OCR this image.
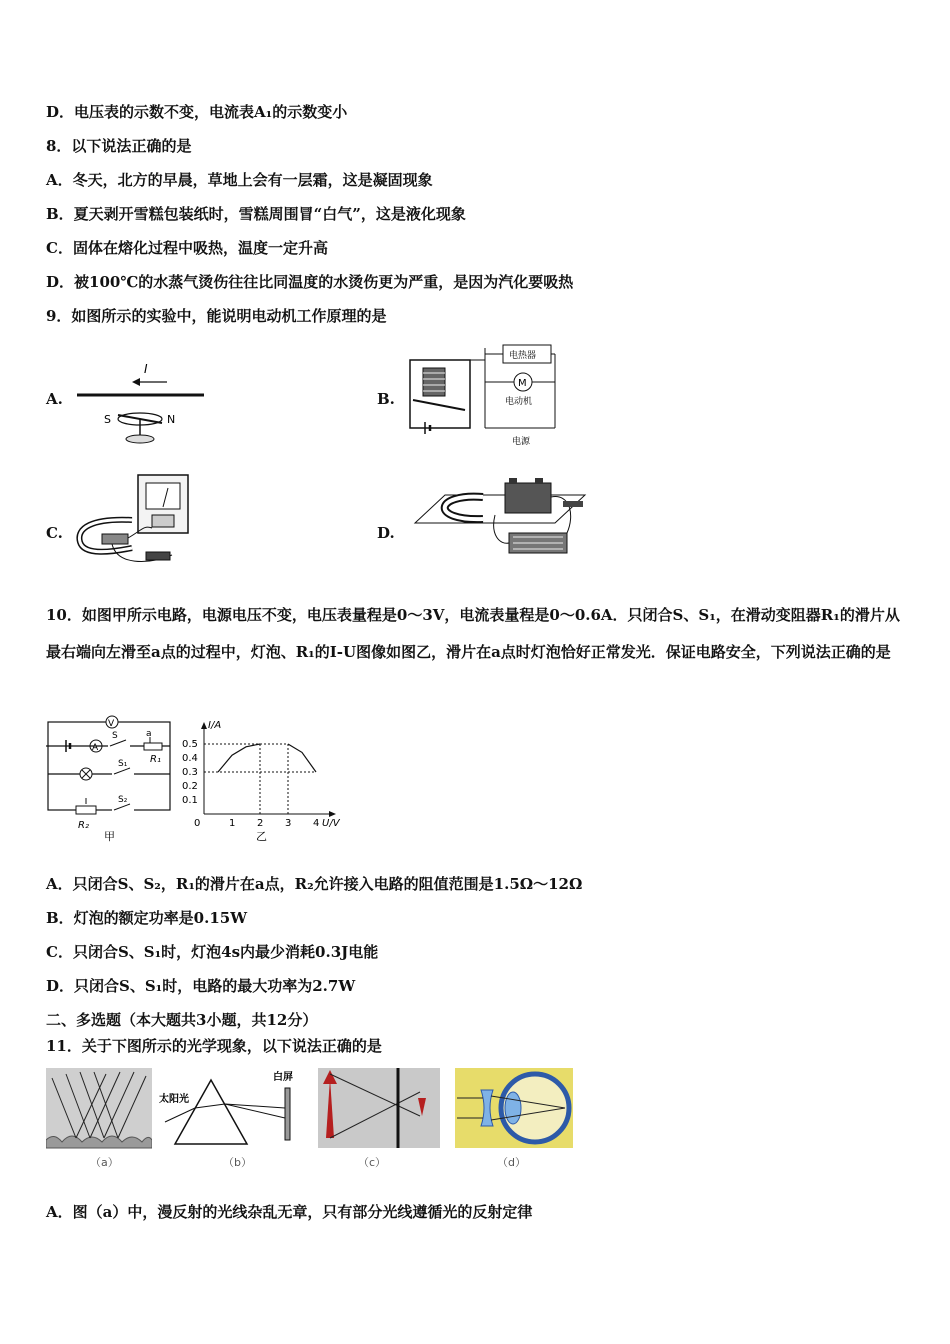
D．电压表的示数不变，电流表A₁的示数变小
8．以下说法正确的是
A．冬天，北方的早晨，草地上会有一层霜，这是凝固现象
B．夏天剥开雪糕包装纸时，雪糕周围冒“白气”，这是液化现象
C．固体在熔化过程中吸热，温度一定升高
D．被100℃的水蒸气烫伤往往比同温度的水烫伤更为严重，是因为汽化要吸热
9．如图所示的实验中，能说明电动机工作原理的是
A.	B.
C.	D.
I
S	N
电热器
M
电动机
电源
10．如图甲所示电路，电源电压不变，电压表量程是0～3V，电流表量程是0～0.6A．只闭合S、S₁，在滑动变阻器R₁的滑片从最右端向左滑至a点的过程中，灯泡、R₁的I-U图像如图乙，滑片在a点时灯泡恰好正常发光．保证电路安全，下列说法正确的是
V
A
S	a
R₁
S₁
S₂
R₂
甲
0	1 2 3 4
0.1
0.2
0.3
0.4
0.5
I/A
U/V
乙
A．只闭合S、S₂，R₁的滑片在a点，R₂允许接入电路的阻值范围是1.5Ω～12Ω
B．灯泡的额定功率是0.15W
C．只闭合S、S₁时，灯泡4s内最少消耗0.3J电能
D．只闭合S、S₁时，电路的最大功率为2.7W
二、多选题（本大题共3小题，共12分）
11．关于下图所示的光学现象，以下说法正确的是
（a）
太阳光
白屏
（b）	（c）	（d）
A．图（a）中，漫反射的光线杂乱无章，只有部分光线遵循光的反射定律
